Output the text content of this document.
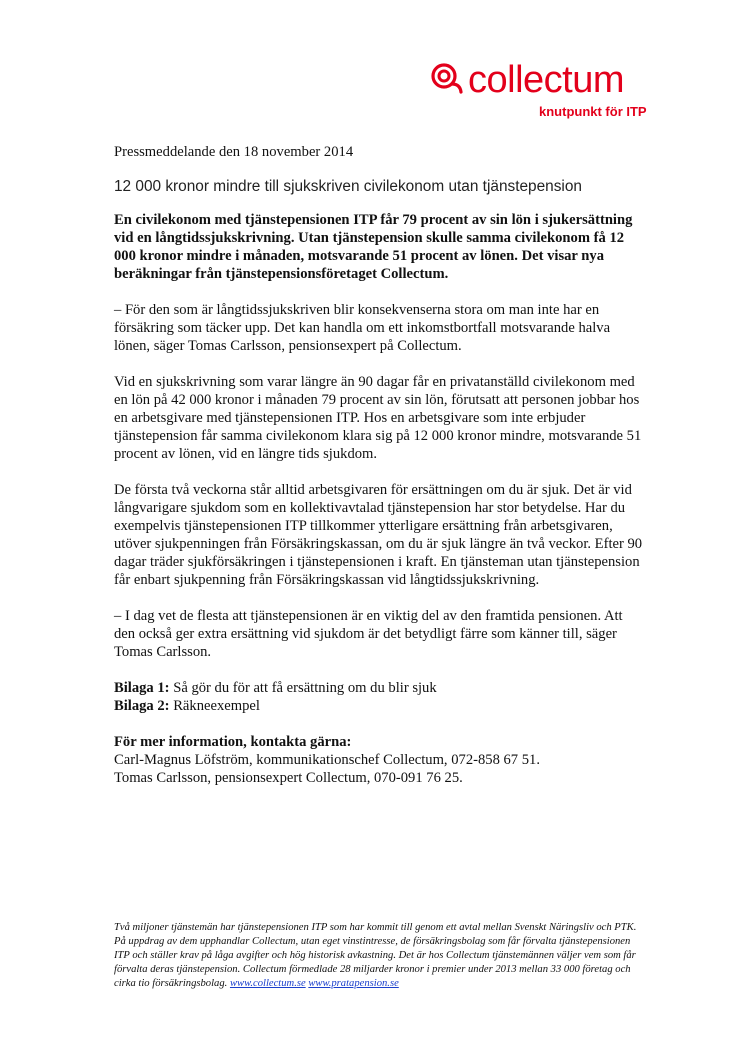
collectum
knutpunkt för ITP

Pressmeddelande den 18 november 2014

12 000 kronor mindre till sjukskriven civilekonom utan tjänstepension

En civilekonom med tjänstepensionen ITP får 79 procent av sin lön i sjukersättning vid en långtidssjukskrivning. Utan tjänstepension skulle samma civilekonom få 12 000 kronor mindre i månaden, motsvarande 51 procent av lönen. Det visar nya beräkningar från tjänstepensionsföretaget Collectum.

– För den som är långtidssjukskriven blir konsekvenserna stora om man inte har en försäkring som täcker upp. Det kan handla om ett inkomstbortfall motsvarande halva lönen, säger Tomas Carlsson, pensionsexpert på Collectum.

Vid en sjukskrivning som varar längre än 90 dagar får en privatanställd civilekonom med en lön på 42 000 kronor i månaden 79 procent av sin lön, förutsatt att personen jobbar hos en arbetsgivare med tjänstepensionen ITP. Hos en arbetsgivare som inte erbjuder tjänstepension får samma civilekonom klara sig på 12 000 kronor mindre, motsvarande 51 procent av lönen, vid en längre tids sjukdom.

De första två veckorna står alltid arbetsgivaren för ersättningen om du är sjuk. Det är vid långvarigare sjukdom som en kollektivavtalad tjänstepension har stor betydelse. Har du exempelvis tjänstepensionen ITP tillkommer ytterligare ersättning från arbetsgivaren, utöver sjukpenningen från Försäkringskassan, om du är sjuk längre än två veckor. Efter 90 dagar träder sjukförsäkringen i tjänstepensionen i kraft. En tjänsteman utan tjänstepension får enbart sjukpenning från Försäkringskassan vid långtidssjukskrivning.

– I dag vet de flesta att tjänstepensionen är en viktig del av den framtida pensionen. Att den också ger extra ersättning vid sjukdom är det betydligt färre som känner till, säger Tomas Carlsson.

Bilaga 1: Så gör du för att få ersättning om du blir sjuk
Bilaga 2: Räkneexempel

För mer information, kontakta gärna:

Carl-Magnus Löfström, kommunikationschef Collectum, 072-858 67 51.

Tomas Carlsson, pensionsexpert Collectum, 070-091 76 25.

Två miljoner tjänstemän har tjänstepensionen ITP som har kommit till genom ett avtal mellan Svenskt Näringsliv och PTK. På uppdrag av dem upphandlar Collectum, utan eget vinstintresse, de försäkringsbolag som får förvalta tjänstepensionen ITP och ställer krav på låga avgifter och hög historisk avkastning. Det är hos Collectum tjänstemännen väljer vem som får förvalta deras tjänstepension. Collectum förmedlade 28 miljarder kronor i premier under 2013 mellan 33 000 företag och cirka tio försäkringsbolag. www.collectum.se www.pratapension.se
